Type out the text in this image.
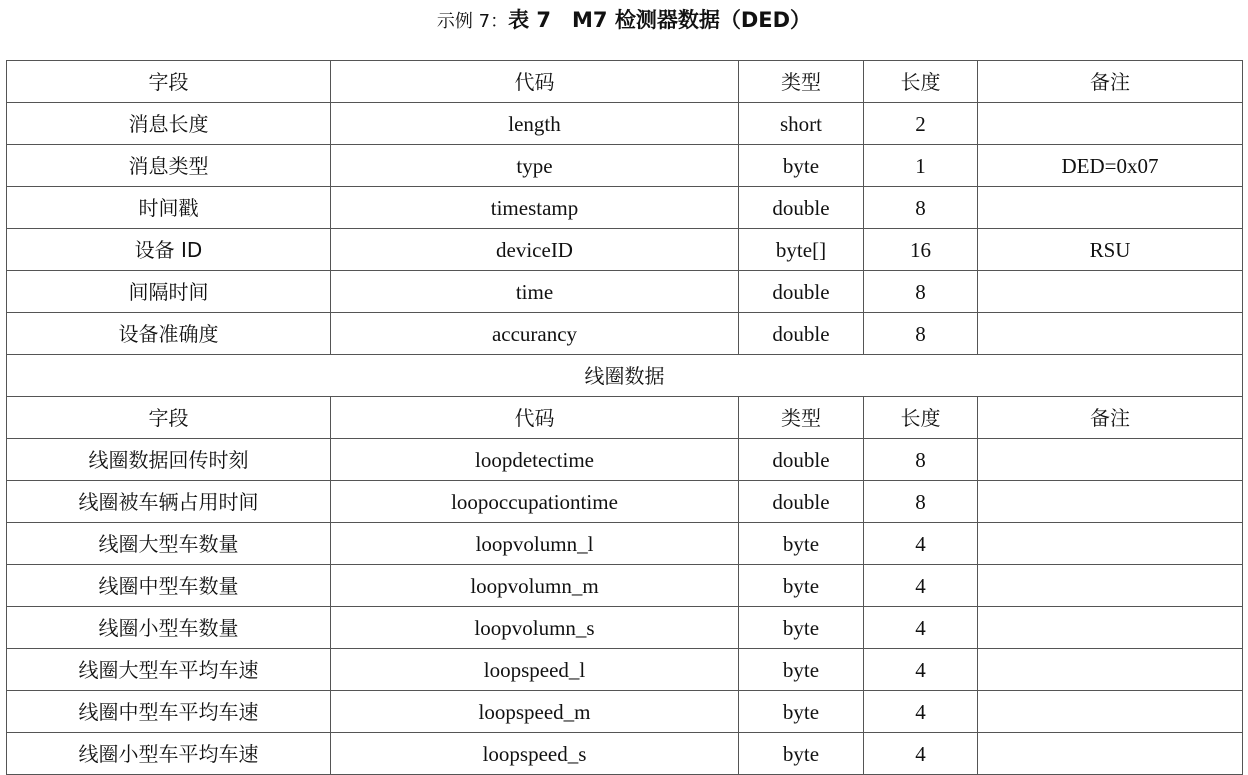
示例 7：表 7　M7 检测器数据（DED）
字段	代码	类型	长度	备注
消息长度	length	short	2	
消息类型	type	byte	1	DED=0x07
时间戳	timestamp	double	8	
设备 ID	deviceID	byte[]	16	RSU
间隔时间	time	double	8	
设备准确度	accurancy	double	8	
线圈数据				
字段	代码	类型	长度	备注
线圈数据回传时刻	loopdetectime	double	8	
线圈被车辆占用时间	loopoccupationtime	double	8	
线圈大型车数量	loopvolumn_l	byte	4	
线圈中型车数量	loopvolumn_m	byte	4	
线圈小型车数量	loopvolumn_s	byte	4	
线圈大型车平均车速	loopspeed_l	byte	4	
线圈中型车平均车速	loopspeed_m	byte	4	
线圈小型车平均车速	loopspeed_s	byte	4	
